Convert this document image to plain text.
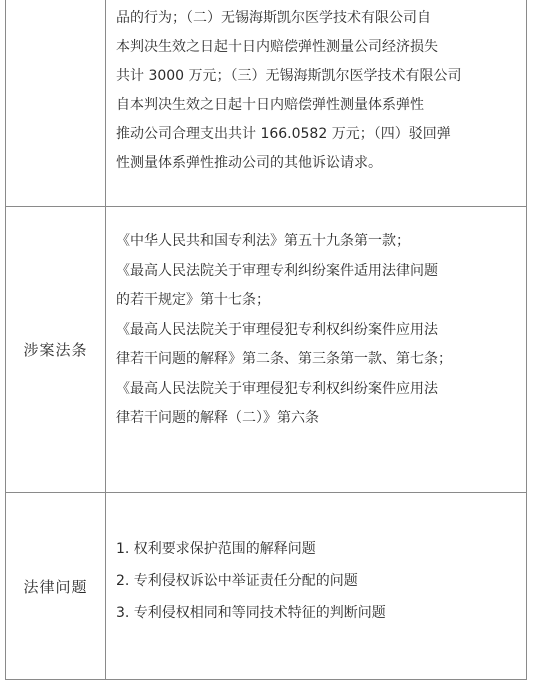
品的行为；（二）无锡海斯凯尔医学技术有限公司自
本判决生效之日起十日内赔偿弹性测量公司经济损失
共计 3000 万元；（三）无锡海斯凯尔医学技术有限公司
自本判决生效之日起十日内赔偿弹性测量体系弹性
推动公司合理支出共计 166.0582 万元；（四）驳回弹
性测量体系弹性推动公司的其他诉讼请求。
涉案法条
《中华人民共和国专利法》第五十九条第一款；
《最高人民法院关于审理专利纠纷案件适用法律问题
的若干规定》第十七条；
《最高人民法院关于审理侵犯专利权纠纷案件应用法
律若干问题的解释》第二条、第三条第一款、第七条；
《最高人民法院关于审理侵犯专利权纠纷案件应用法
律若干问题的解释（二）》第六条
法律问题
1. 权利要求保护范围的解释问题
2. 专利侵权诉讼中举证责任分配的问题
3. 专利侵权相同和等同技术特征的判断问题
